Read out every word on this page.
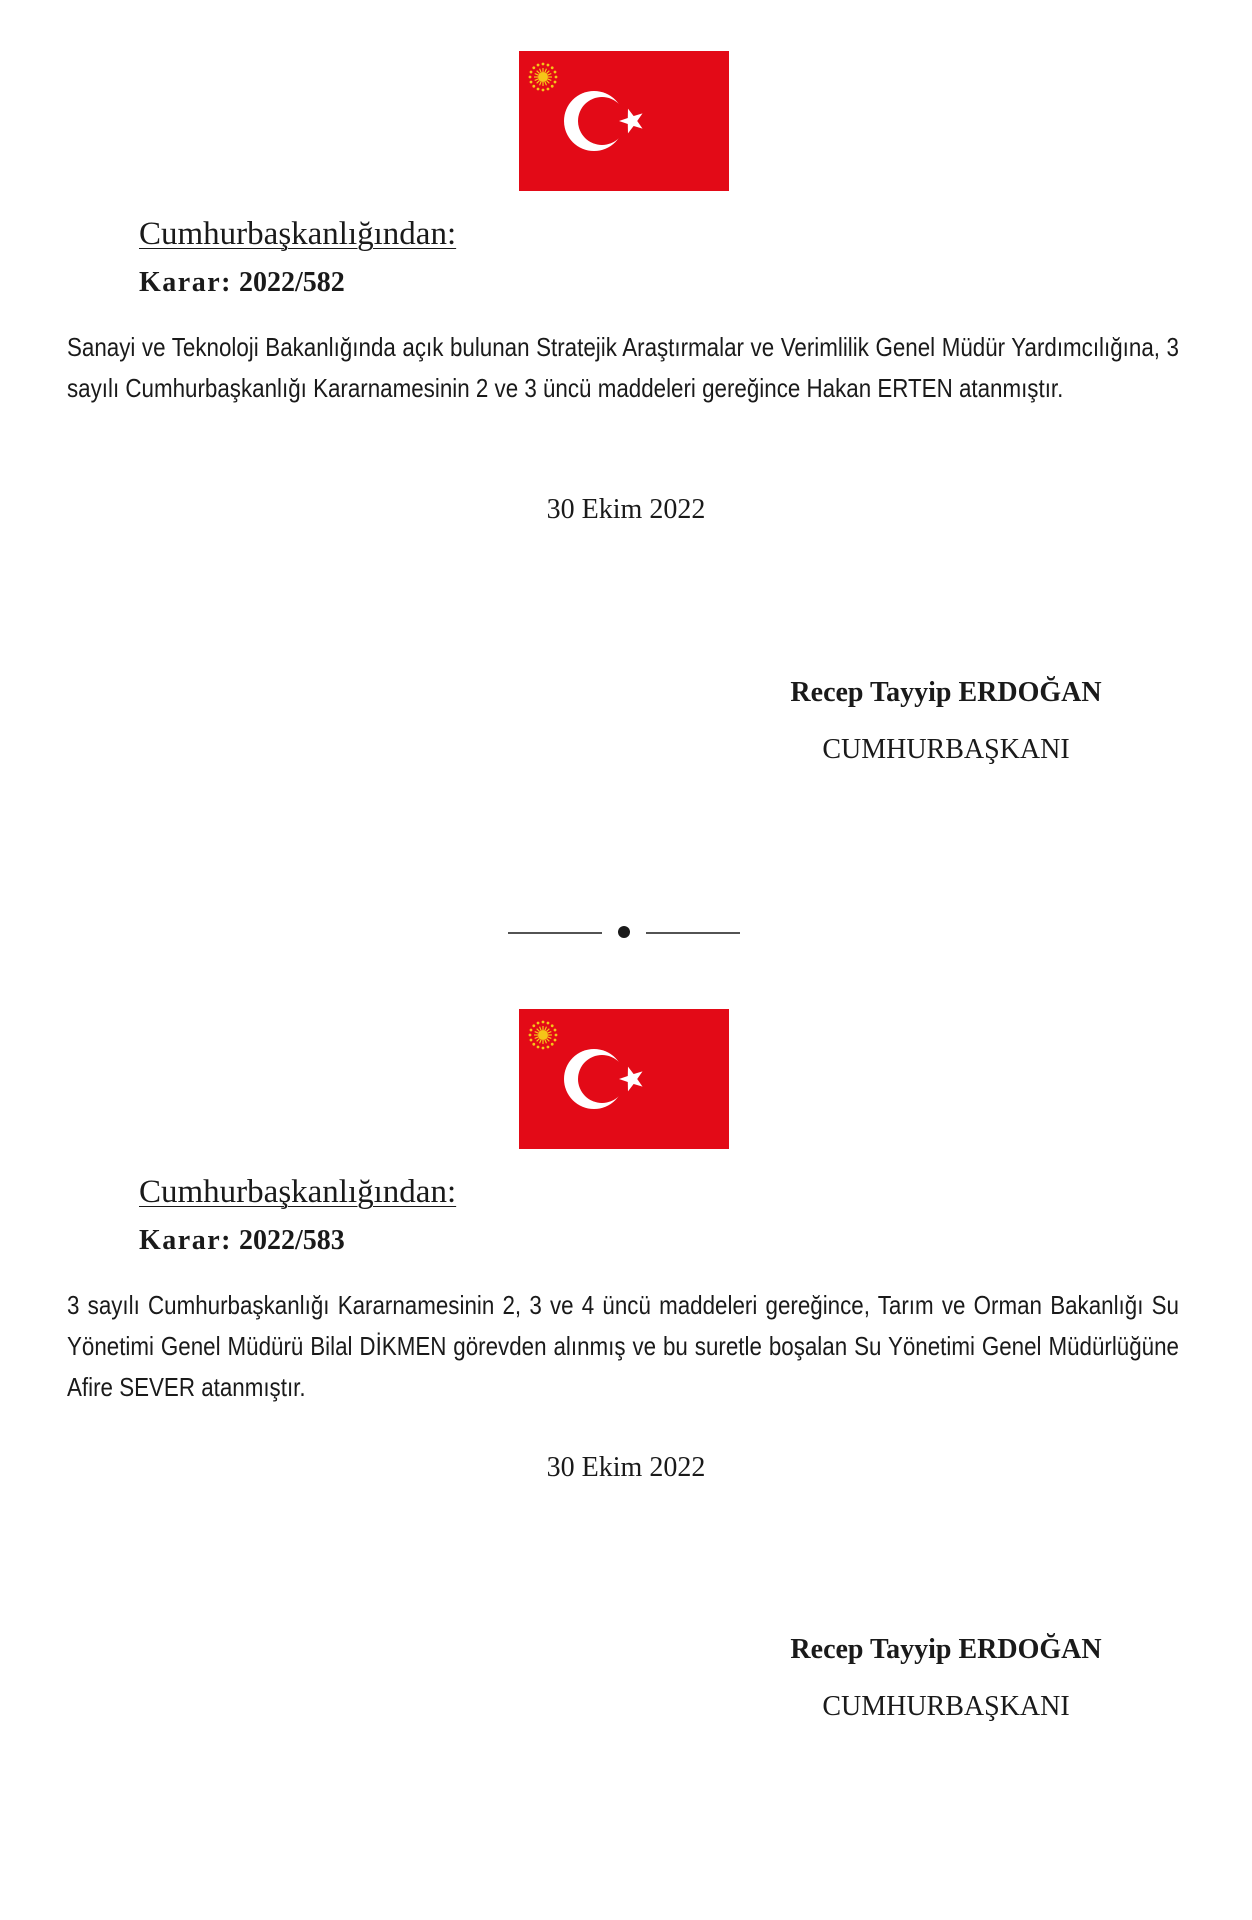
Cumhurbaşkanlığından:
Karar: 2022/582
Sanayi ve Teknoloji Bakanlığında açık bulunan Stratejik Araştırmalar ve Verimlilik Genel Müdür Yardımcılığına, 3 sayılı Cumhurbaşkanlığı Kararnamesinin 2 ve 3 üncü maddeleri gereğince Hakan ERTEN atanmıştır.
30 Ekim 2022
Recep Tayyip ERDOĞAN
CUMHURBAŞKANI
Cumhurbaşkanlığından:
Karar: 2022/583
3 sayılı Cumhurbaşkanlığı Kararnamesinin 2, 3 ve 4 üncü maddeleri gereğince, Tarım ve Orman Bakanlığı Su Yönetimi Genel Müdürü Bilal DİKMEN görevden alınmış ve bu suretle boşalan Su Yönetimi Genel Müdürlüğüne Afire SEVER atanmıştır.
30 Ekim 2022
Recep Tayyip ERDOĞAN
CUMHURBAŞKANI
